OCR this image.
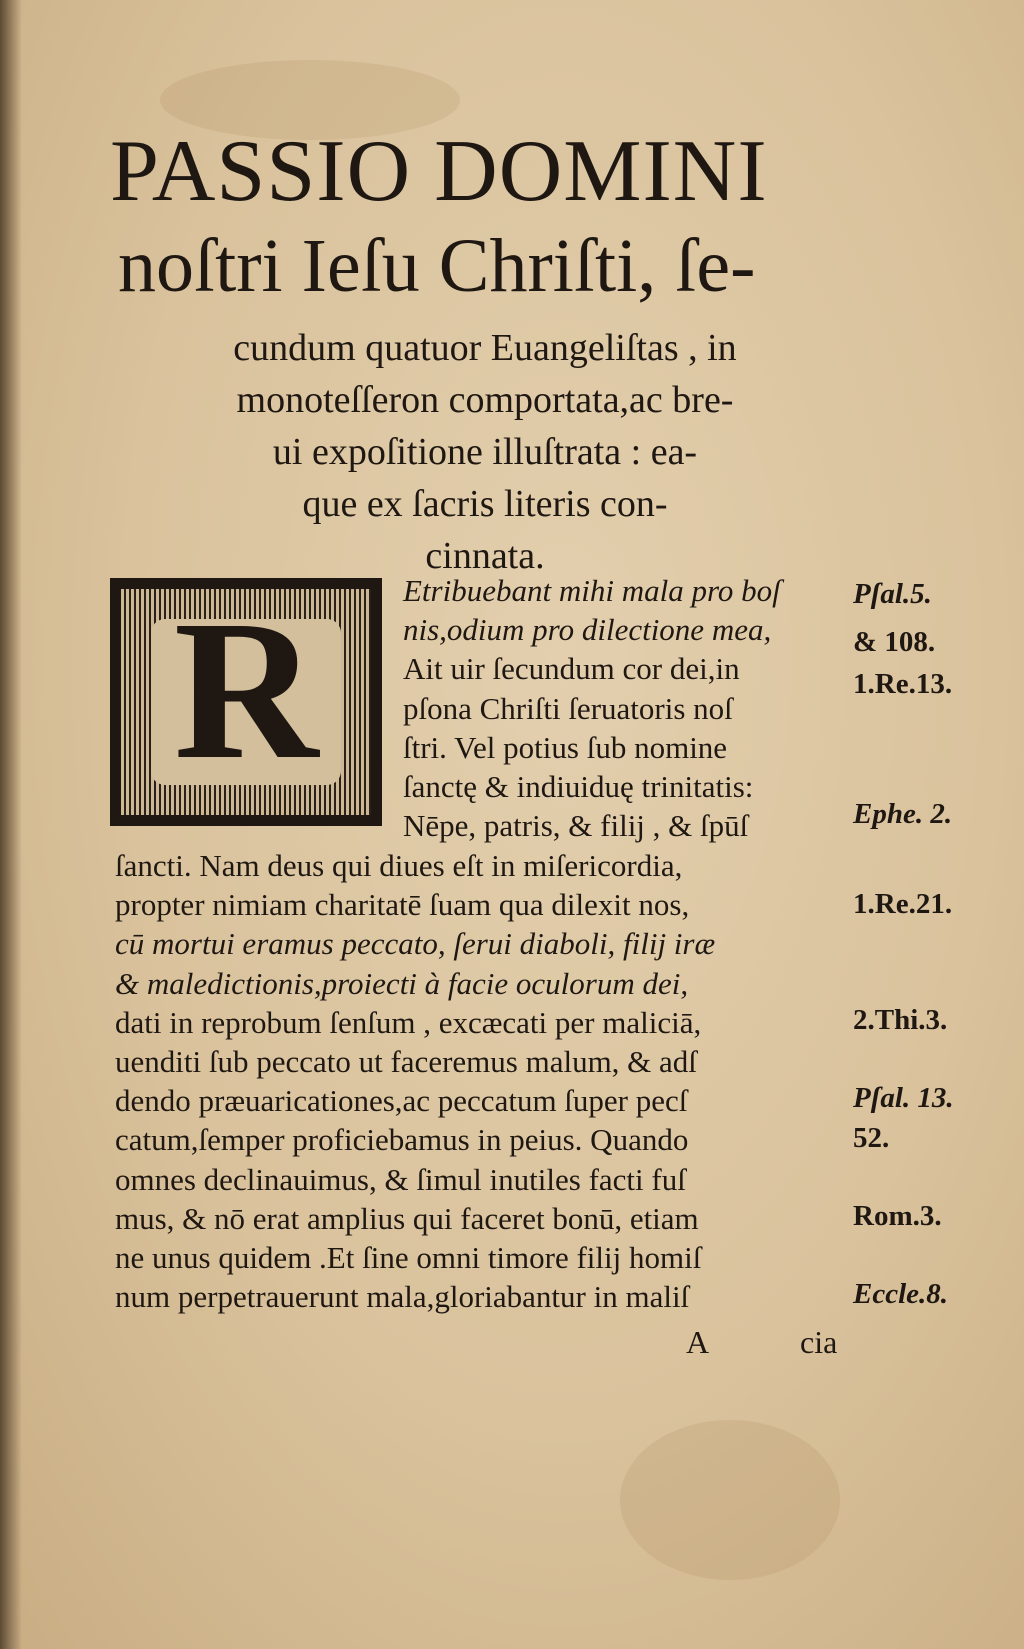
PASSIO DOMINI
noſtri Ieſu Chriſti, ſe-
cundum quatuor Euangeliſtas , in
monoteſſeron comportata,ac bre-
ui expoſitione illuſtrata : ea-
que ex ſacris literis con-
cinnata.
R	Etribuebant mihi mala pro boſ
nis,odium pro dilectione mea,
Ait uir ſecundum cor dei,in
pſona Chriſti ſeruatoris noſ
ſtri. Vel potius ſub nomine
ſanctę & indiuiduę trinitatis:
Nēpe, patris, & filij , & ſpūſ
ſancti. Nam deus qui diues eſt in miſericordia,
propter nimiam charitatē ſuam qua dilexit nos,
cū mortui eramus peccato, ſerui diaboli, filij iræ
& maledictionis,proiecti à facie oculorum dei,
dati in reprobum ſenſum , excæcati per maliciā,
uenditi ſub peccato ut faceremus malum, & adſ
dendo præuaricationes,ac peccatum ſuper pecſ
catum,ſemper proficiebamus in peius. Quando
omnes declinauimus, & ſimul inutiles facti fuſ
mus, & nō erat amplius qui faceret bonū, etiam
ne unus quidem .Et ſine omni timore filij homiſ
num perpetrauerunt mala,gloriabantur in maliſ
Pſal.5.
& 108.
1.Re.13.
Ephe. 2.
1.Re.21.
2.Thi.3.
Pſal. 13.
52.
Rom.3.
Eccle.8.
A	cia
